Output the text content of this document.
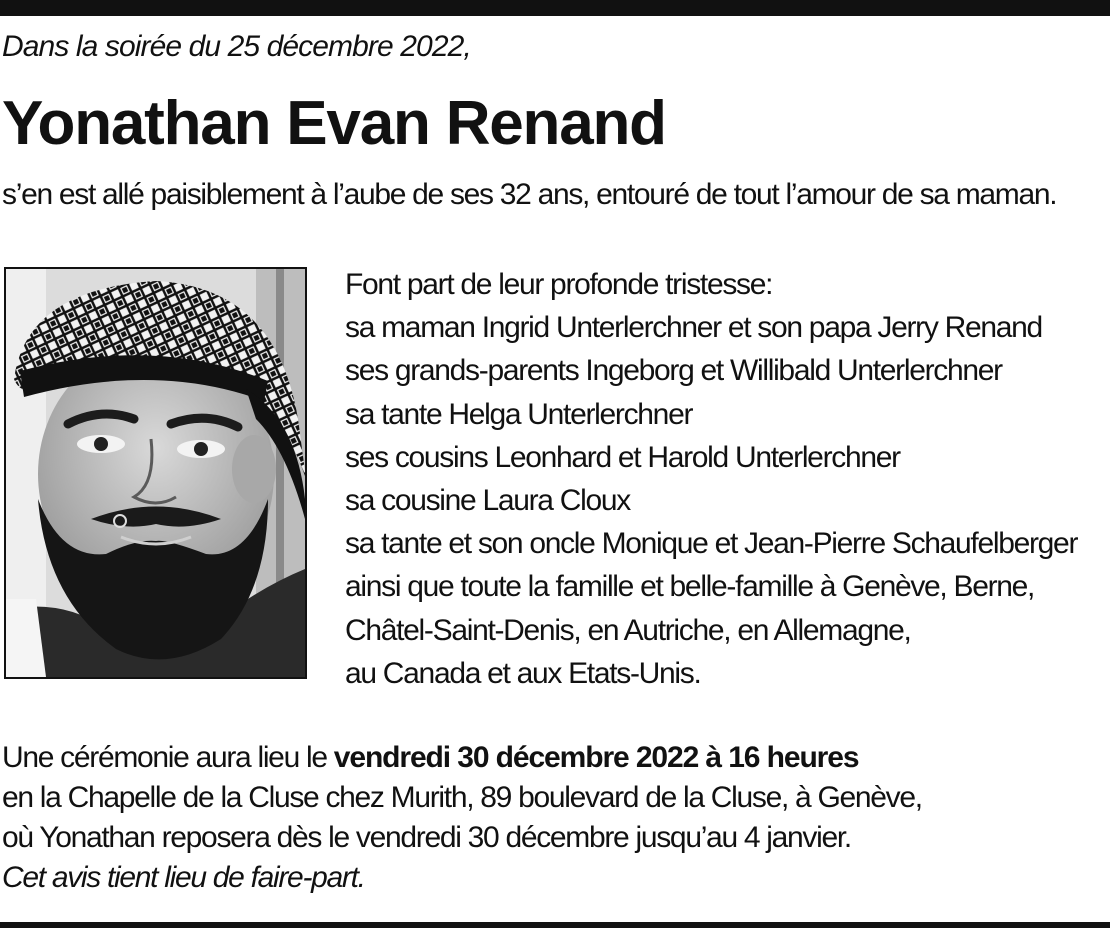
Dans la soirée du 25 décembre 2022,
Yonathan Evan Renand
s’en est allé paisiblement à l’aube de ses 32 ans, entouré de tout l’amour de sa maman.
Font part de leur profonde tristesse:
sa maman Ingrid Unterlerchner et son papa Jerry Renand
ses grands-parents Ingeborg et Willibald Unterlerchner
sa tante Helga Unterlerchner
ses cousins Leonhard et Harold Unterlerchner
sa cousine Laura Cloux
sa tante et son oncle Monique et Jean-Pierre Schaufelberger
ainsi que toute la famille et belle-famille à Genève, Berne,
Châtel-Saint-Denis, en Autriche, en Allemagne,
au Canada et aux Etats-Unis.
Une cérémonie aura lieu le vendredi 30 décembre 2022 à 16 heures
en la Chapelle de la Cluse chez Murith, 89 boulevard de la Cluse, à Genève,
où Yonathan reposera dès le vendredi 30 décembre jusqu’au 4 janvier.
Cet avis tient lieu de faire-part.
